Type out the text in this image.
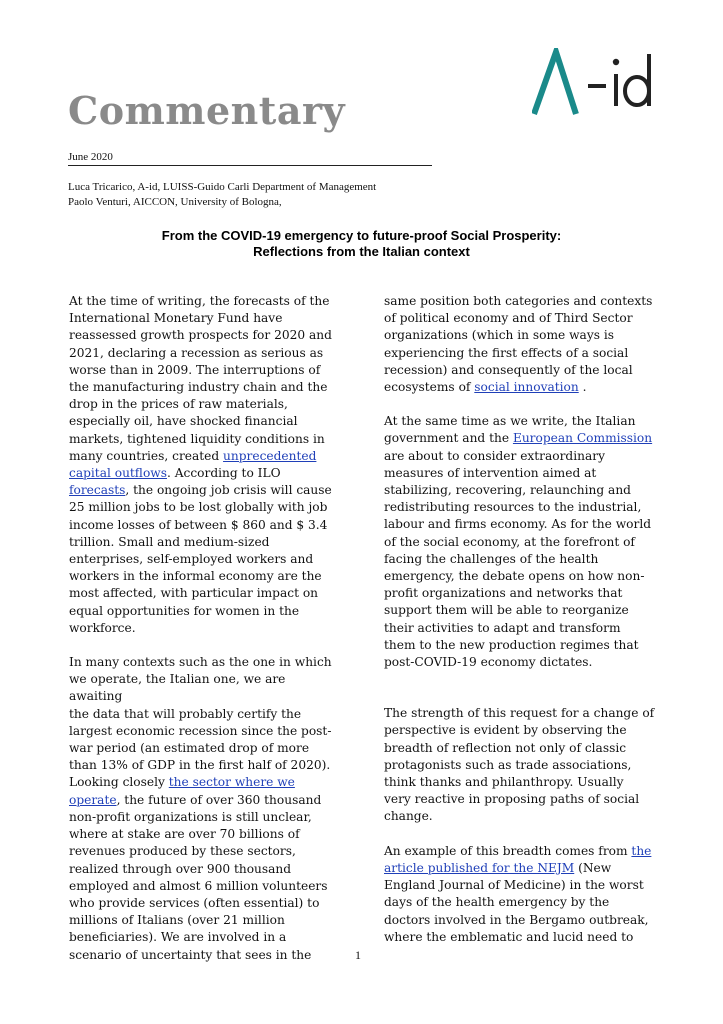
Commentary
June 2020
Luca Tricarico, A-id, LUISS-Guido Carli Department of Management
Paolo Venturi, AICCON, University of Bologna,
From the COVID-19 emergency to future-proof Social Prosperity:
Reflections from the Italian context

At the time of writing, the forecasts of the
International Monetary Fund have
reassessed growth prospects for 2020 and
2021, declaring a recession as serious as
worse than in 2009. The interruptions of
the manufacturing industry chain and the
drop in the prices of raw materials,
especially oil, have shocked financial
markets, tightened liquidity conditions in
many countries, created unprecedented
capital outflows. According to ILO
forecasts, the ongoing job crisis will cause
25 million jobs to be lost globally with job
income losses of between $ 860 and $ 3.4
trillion. Small and medium-sized
enterprises, self-employed workers and
workers in the informal economy are the
most affected, with particular impact on
equal opportunities for women in the
workforce.

In many contexts such as the one in which
we operate, the Italian one, we are awaiting
the data that will probably certify the
largest economic recession since the post-
war period (an estimated drop of more
than 13% of GDP in the first half of 2020).
Looking closely the sector where we
operate, the future of over 360 thousand
non-profit organizations is still unclear,
where at stake are over 70 billions of
revenues produced by these sectors,
realized through over 900 thousand
employed and almost 6 million volunteers
who provide services (often essential) to
millions of Italians (over 21 million
beneficiaries). We are involved in a
scenario of uncertainty that sees in the

same position both categories and contexts
of political economy and of Third Sector
organizations (which in some ways is
experiencing the first effects of a social
recession) and consequently of the local
ecosystems of social innovation .

At the same time as we write, the Italian
government and the European Commission
are about to consider extraordinary
measures of intervention aimed at
stabilizing, recovering, relaunching and
redistributing resources to the industrial,
labour and firms economy. As for the world
of the social economy, at the forefront of
facing the challenges of the health
emergency, the debate opens on how non-
profit organizations and networks that
support them will be able to reorganize
their activities to adapt and transform
them to the new production regimes that
post-COVID-19 economy dictates.

The strength of this request for a change of
perspective is evident by observing the
breadth of reflection not only of classic
protagonists such as trade associations,
think thanks and philanthropy. Usually
very reactive in proposing paths of social
change.

An example of this breadth comes from the
article published for the NEJM (New
England Journal of Medicine) in the worst
days of the health emergency by the
doctors involved in the Bergamo outbreak,
where the emblematic and lucid need to

1
